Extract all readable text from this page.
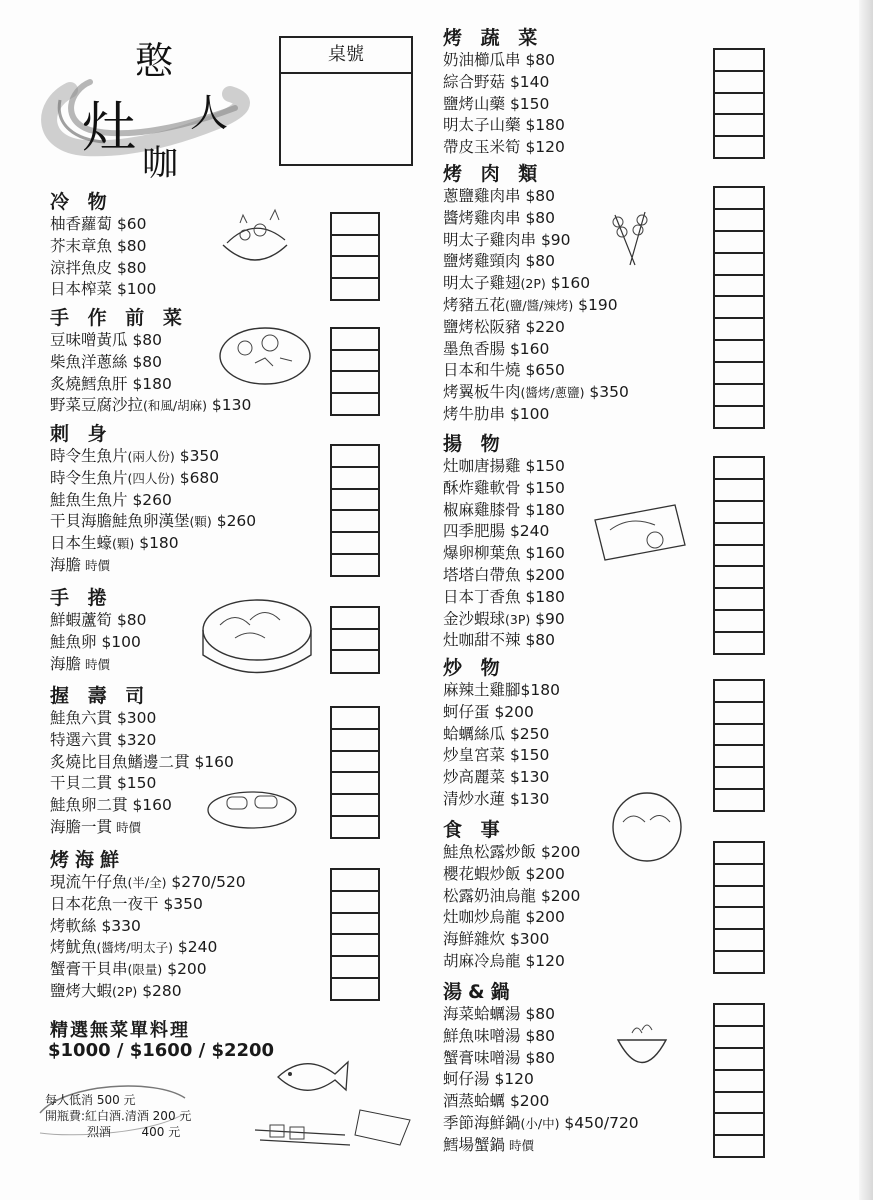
憨
灶 人
咖
桌號
冷 物
柚香蘿蔔 $60
芥末章魚 $80
涼拌魚皮 $80
日本榨菜 $100
手 作 前 菜
豆味噌黃瓜 $80
柴魚洋蔥絲 $80
炙燒鱈魚肝 $180
野菜豆腐沙拉(和風/胡麻) $130
刺 身
時令生魚片(兩人份) $350
時令生魚片(四人份) $680
鮭魚生魚片 $260
干貝海膽鮭魚卵漢堡(顆) $260
日本生蠔(顆) $180
海膽 時價
手 捲
鮮蝦蘆筍 $80
鮭魚卵 $100
海膽 時價
握 壽 司
鮭魚六貫 $300
特選六貫 $320
炙燒比目魚鰭邊二貫 $160
干貝二貫 $150
鮭魚卵二貫 $160
海膽一貫 時價
烤海鮮
現流午仔魚(半/全) $270/520
日本花魚一夜干 $350
烤軟絲 $330
烤魷魚(醬烤/明太子) $240
蟹膏干貝串(限量) $200
鹽烤大蝦(2P) $280
精選無菜單料理
$1000 / $1600 / $2200
每人低消 500 元
開瓶費:紅白酒.清酒 200 元
烈酒        400 元
烤 蔬 菜
奶油櫛瓜串 $80
綜合野菇 $140
鹽烤山藥 $150
明太子山藥 $180
帶皮玉米筍 $120
烤 肉 類
蔥鹽雞肉串 $80
醬烤雞肉串 $80
明太子雞肉串 $90
鹽烤雞頸肉 $80
明太子雞翅(2P) $160
烤豬五花(鹽/醬/辣烤) $190
鹽烤松阪豬 $220
墨魚香腸 $160
日本和牛燒 $650
烤翼板牛肉(醬烤/蔥鹽) $350
烤牛肋串 $100
揚 物
灶咖唐揚雞 $150
酥炸雞軟骨 $150
椒麻雞膝骨 $180
四季肥腸 $240
爆卵柳葉魚 $160
塔塔白帶魚 $200
日本丁香魚 $180
金沙蝦球(3P) $90
灶咖甜不辣 $80
炒 物
麻辣土雞腳$180
蚵仔蛋 $200
蛤蠣絲瓜 $250
炒皇宮菜 $150
炒高麗菜 $130
清炒水蓮 $130
食 事
鮭魚松露炒飯 $200
櫻花蝦炒飯 $200
松露奶油烏龍 $200
灶咖炒烏龍 $200
海鮮雜炊 $300
胡麻冷烏龍 $120
湯&鍋
海菜蛤蠣湯 $80
鮮魚味噌湯 $80
蟹膏味噌湯 $80
蚵仔湯 $120
酒蒸蛤蠣 $200
季節海鮮鍋(小/中) $450/720
鱈場蟹鍋 時價
